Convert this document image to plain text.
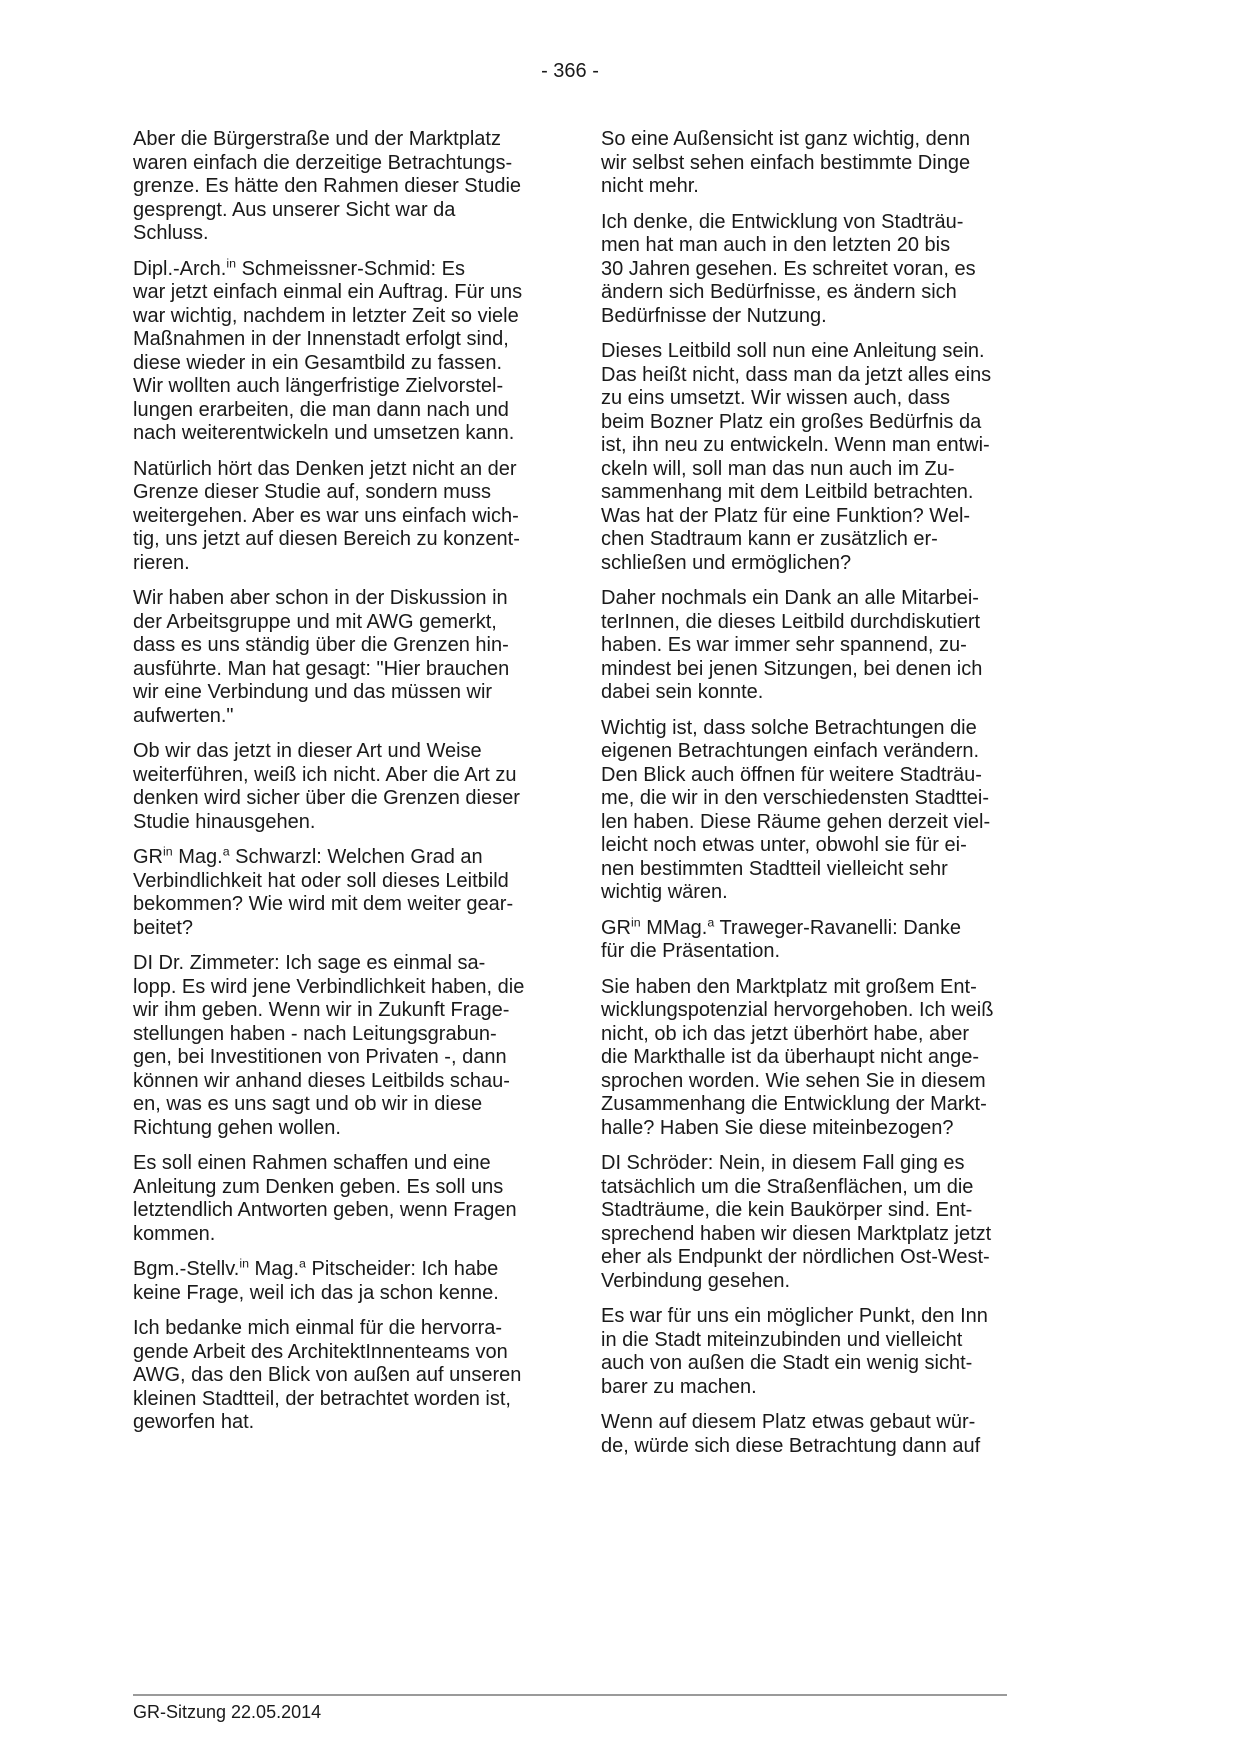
- 366 -

Aber die Bürgerstraße und der Marktplatz
waren einfach die derzeitige Betrachtungs-
grenze. Es hätte den Rahmen dieser Studie
gesprengt. Aus unserer Sicht war da
Schluss.

Dipl.-Arch.$^{in}$ Schmeissner-Schmid: Es
war jetzt einfach einmal ein Auftrag. Für uns
war wichtig, nachdem in letzter Zeit so viele
Maßnahmen in der Innenstadt erfolgt sind,
diese wieder in ein Gesamtbild zu fassen.
Wir wollten auch längerfristige Zielvorstel-
lungen erarbeiten, die man dann nach und
nach weiterentwickeln und umsetzen kann.

Natürlich hört das Denken jetzt nicht an der
Grenze dieser Studie auf, sondern muss
weitergehen. Aber es war uns einfach wich-
tig, uns jetzt auf diesen Bereich zu konzent-
rieren.

Wir haben aber schon in der Diskussion in
der Arbeitsgruppe und mit AWG gemerkt,
dass es uns ständig über die Grenzen hin-
ausführte. Man hat gesagt: "Hier brauchen
wir eine Verbindung und das müssen wir
aufwerten."

Ob wir das jetzt in dieser Art und Weise
weiterführen, weiß ich nicht. Aber die Art zu
denken wird sicher über die Grenzen dieser
Studie hinausgehen.

$GR^{in}$ Mag.$^a$ Schwarzl: Welchen Grad an
Verbindlichkeit hat oder soll dieses Leitbild
bekommen? Wie wird mit dem weiter gear-
beitet?

DI Dr. Zimmeter: Ich sage es einmal sa-
lopp. Es wird jene Verbindlichkeit haben, die
wir ihm geben. Wenn wir in Zukunft Frage-
stellungen haben - nach Leitungsgrabun-
gen, bei Investitionen von Privaten -, dann
können wir anhand dieses Leitbilds schau-
en, was es uns sagt und ob wir in diese
Richtung gehen wollen.

Es soll einen Rahmen schaffen und eine
Anleitung zum Denken geben. Es soll uns
letztendlich Antworten geben, wenn Fragen
kommen.

Bgm.-Stellv.$^{in}$ Mag.$^a$ Pitscheider: Ich habe
keine Frage, weil ich das ja schon kenne.

Ich bedanke mich einmal für die hervorra-
gende Arbeit des ArchitektInnenteams von
AWG, das den Blick von außen auf unseren
kleinen Stadtteil, der betrachtet worden ist,
geworfen hat.

So eine Außensicht ist ganz wichtig, denn
wir selbst sehen einfach bestimmte Dinge
nicht mehr.

Ich denke, die Entwicklung von Stadträu-
men hat man auch in den letzten 20 bis
30 Jahren gesehen. Es schreitet voran, es
ändern sich Bedürfnisse, es ändern sich
Bedürfnisse der Nutzung.

Dieses Leitbild soll nun eine Anleitung sein.
Das heißt nicht, dass man da jetzt alles eins
zu eins umsetzt. Wir wissen auch, dass
beim Bozner Platz ein großes Bedürfnis da
ist, ihn neu zu entwickeln. Wenn man entwi-
ckeln will, soll man das nun auch im Zu-
sammenhang mit dem Leitbild betrachten.
Was hat der Platz für eine Funktion? Wel-
chen Stadtraum kann er zusätzlich er-
schließen und ermöglichen?

Daher nochmals ein Dank an alle Mitarbei-
terInnen, die dieses Leitbild durchdiskutiert
haben. Es war immer sehr spannend, zu-
mindest bei jenen Sitzungen, bei denen ich
dabei sein konnte.

Wichtig ist, dass solche Betrachtungen die
eigenen Betrachtungen einfach verändern.
Den Blick auch öffnen für weitere Stadträu-
me, die wir in den verschiedensten Stadttei-
len haben. Diese Räume gehen derzeit viel-
leicht noch etwas unter, obwohl sie für ei-
nen bestimmten Stadtteil vielleicht sehr
wichtig wären.

$GR^{in}$ MMag.$^a$ Traweger-Ravanelli: Danke
für die Präsentation.

Sie haben den Marktplatz mit großem Ent-
wicklungspotenzial hervorgehoben. Ich weiß
nicht, ob ich das jetzt überhört habe, aber
die Markthalle ist da überhaupt nicht ange-
sprochen worden. Wie sehen Sie in diesem
Zusammenhang die Entwicklung der Markt-
halle? Haben Sie diese miteinbezogen?

DI Schröder: Nein, in diesem Fall ging es
tatsächlich um die Straßenflächen, um die
Stadträume, die kein Baukörper sind. Ent-
sprechend haben wir diesen Marktplatz jetzt
eher als Endpunkt der nördlichen Ost-West-
Verbindung gesehen.

Es war für uns ein möglicher Punkt, den Inn
in die Stadt miteinzubinden und vielleicht
auch von außen die Stadt ein wenig sicht-
barer zu machen.

Wenn auf diesem Platz etwas gebaut wür-
de, würde sich diese Betrachtung dann auf

GR-Sitzung 22.05.2014
